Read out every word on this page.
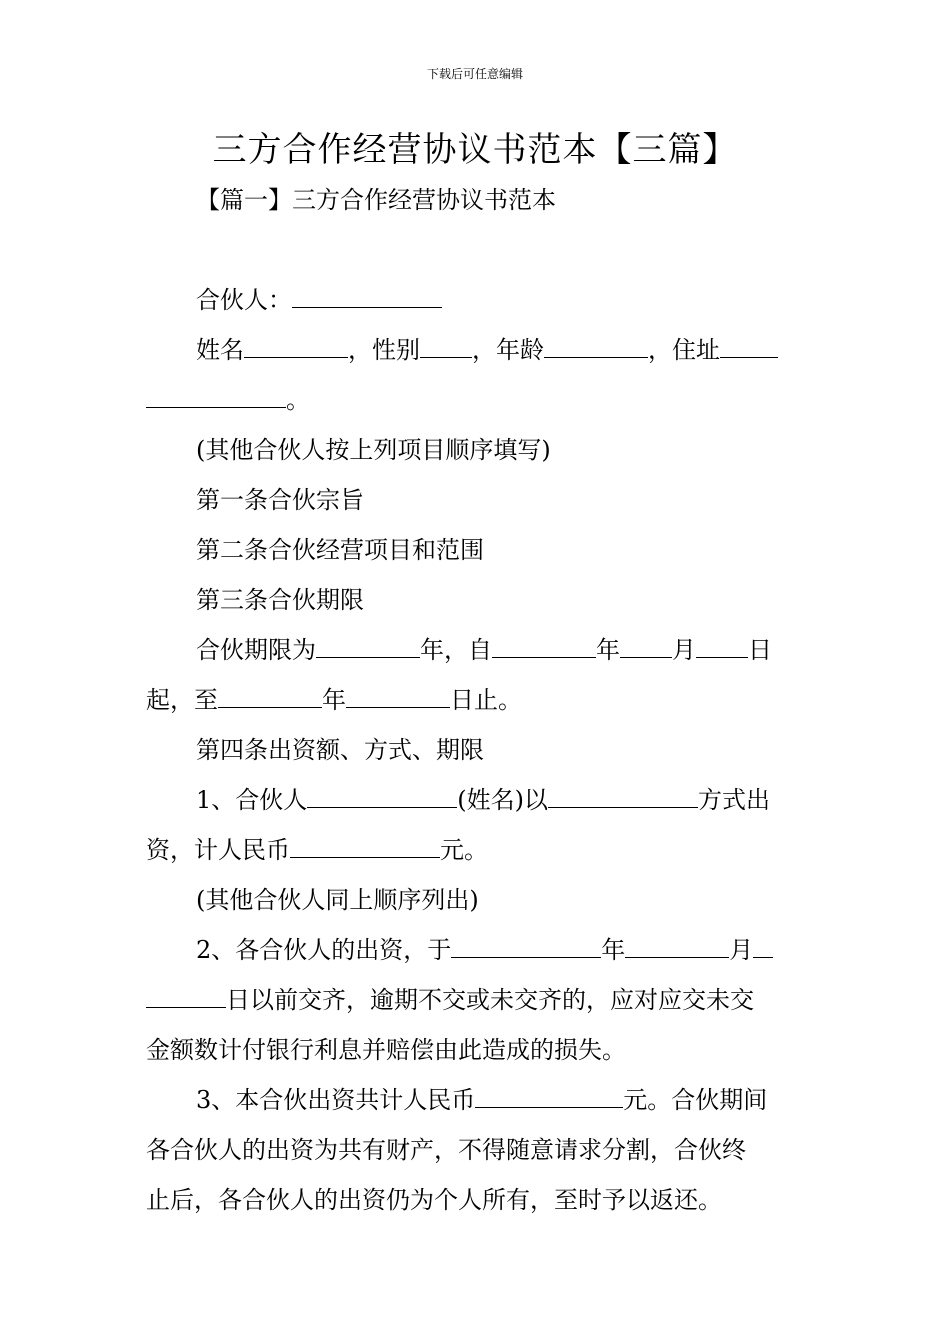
下载后可任意编辑
三方合作经营协议书范本【三篇】
【篇一】三方合作经营协议书范本
合伙人：
姓名	，性别 ，年龄	，住址
。
(其他合伙人按上列项目顺序填写)
第一条合伙宗旨
第二条合伙经营项目和范围
第三条合伙期限
合伙期限为	年，自	年 月 日
起，至	年	日止。
第四条出资额、方式、期限
1、合伙人	(姓名)以	方式出
资，计人民币	元。
(其他合伙人同上顺序列出)
2、各合伙人的出资，于	年	月
日以前交齐，逾期不交或未交齐的，应对应交未交
金额数计付银行利息并赔偿由此造成的损失。
3、本合伙出资共计人民币	元。合伙期间
各合伙人的出资为共有财产，不得随意请求分割，合伙终
止后，各合伙人的出资仍为个人所有，至时予以返还。
